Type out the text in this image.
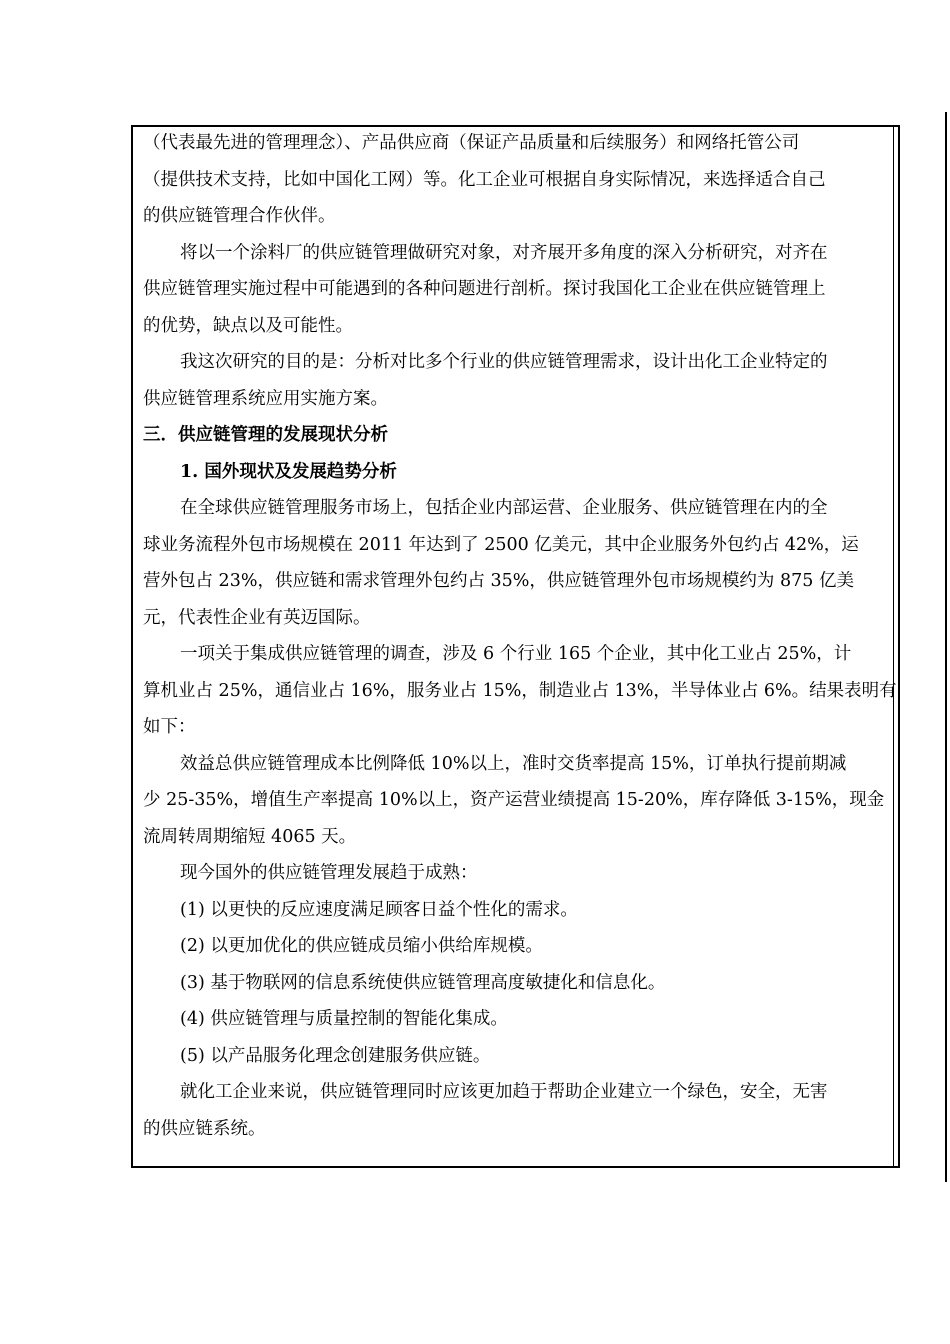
（代表最先进的管理理念）、产品供应商（保证产品质量和后续服务）和网络托管公司
（提供技术支持，比如中国化工网）等。化工企业可根据自身实际情况，来选择适合自己
的供应链管理合作伙伴。
将以一个涂料厂的供应链管理做研究对象，对齐展开多角度的深入分析研究，对齐在
供应链管理实施过程中可能遇到的各种问题进行剖析。探讨我国化工企业在供应链管理上
的优势，缺点以及可能性。
我这次研究的目的是：分析对比多个行业的供应链管理需求，设计出化工企业特定的
供应链管理系统应用实施方案。
三．供应链管理的发展现状分析
1. 国外现状及发展趋势分析
在全球供应链管理服务市场上，包括企业内部运营、企业服务、供应链管理在内的全
球业务流程外包市场规模在 2011 年达到了 2500 亿美元，其中企业服务外包约占 42%，运
营外包占 23%，供应链和需求管理外包约占 35%，供应链管理外包市场规模约为 875 亿美
元，代表性企业有英迈国际。
一项关于集成供应链管理的调查，涉及 6 个行业 165 个企业，其中化工业占 25%，计
算机业占 25%，通信业占 16%，服务业占 15%，制造业占 13%，半导体业占 6%。结果表明有
如下：
效益总供应链管理成本比例降低 10%以上，准时交货率提高 15%，订单执行提前期减
少 25-35%，增值生产率提高 10%以上，资产运营业绩提高 15-20%，库存降低 3-15%，现金
流周转周期缩短 4065 天。
现今国外的供应链管理发展趋于成熟：
(1) 以更快的反应速度满足顾客日益个性化的需求。
(2) 以更加优化的供应链成员缩小供给库规模。
(3) 基于物联网的信息系统使供应链管理高度敏捷化和信息化。
(4) 供应链管理与质量控制的智能化集成。
(5) 以产品服务化理念创建服务供应链。
就化工企业来说，供应链管理同时应该更加趋于帮助企业建立一个绿色，安全，无害
的供应链系统。
